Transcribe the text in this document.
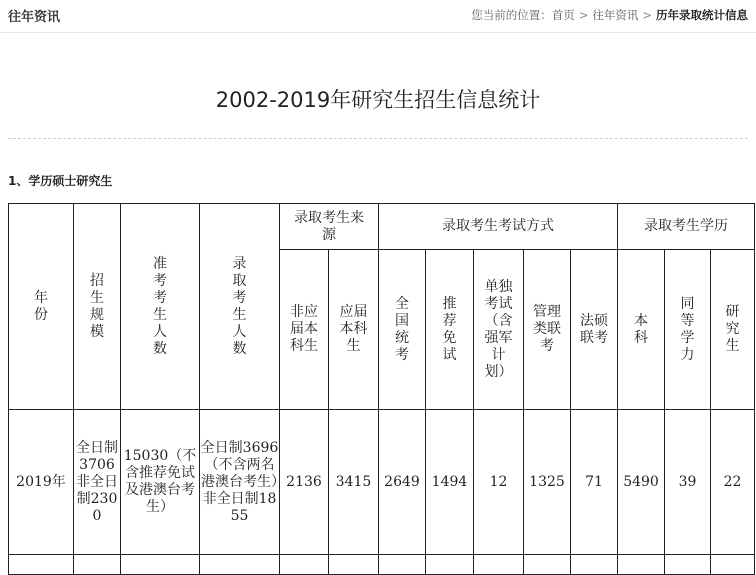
往年资讯	您当前的位置：首页 > 往年资讯 > 历年录取统计信息
2002-2019年研究生招生信息统计
1、学历硕士研究生
年份	招生规模	准考考生人数	录取考生人数	录取考生来源		录取考生考试方式					录取考生学历		
				非应届本科生	应届本科生	全国统考	推荐免试	单独考试（含强军计划）	管理类联考	法硕联考	本科	同等学力	研究生
2019年	全日制3706非全日制2300	15030（不含推荐免试及港澳台考生）	全日制3696（不含两名港澳台考生）非全日制1855	2136	3415	2649	1494	12	1325	71	5490	39	22
